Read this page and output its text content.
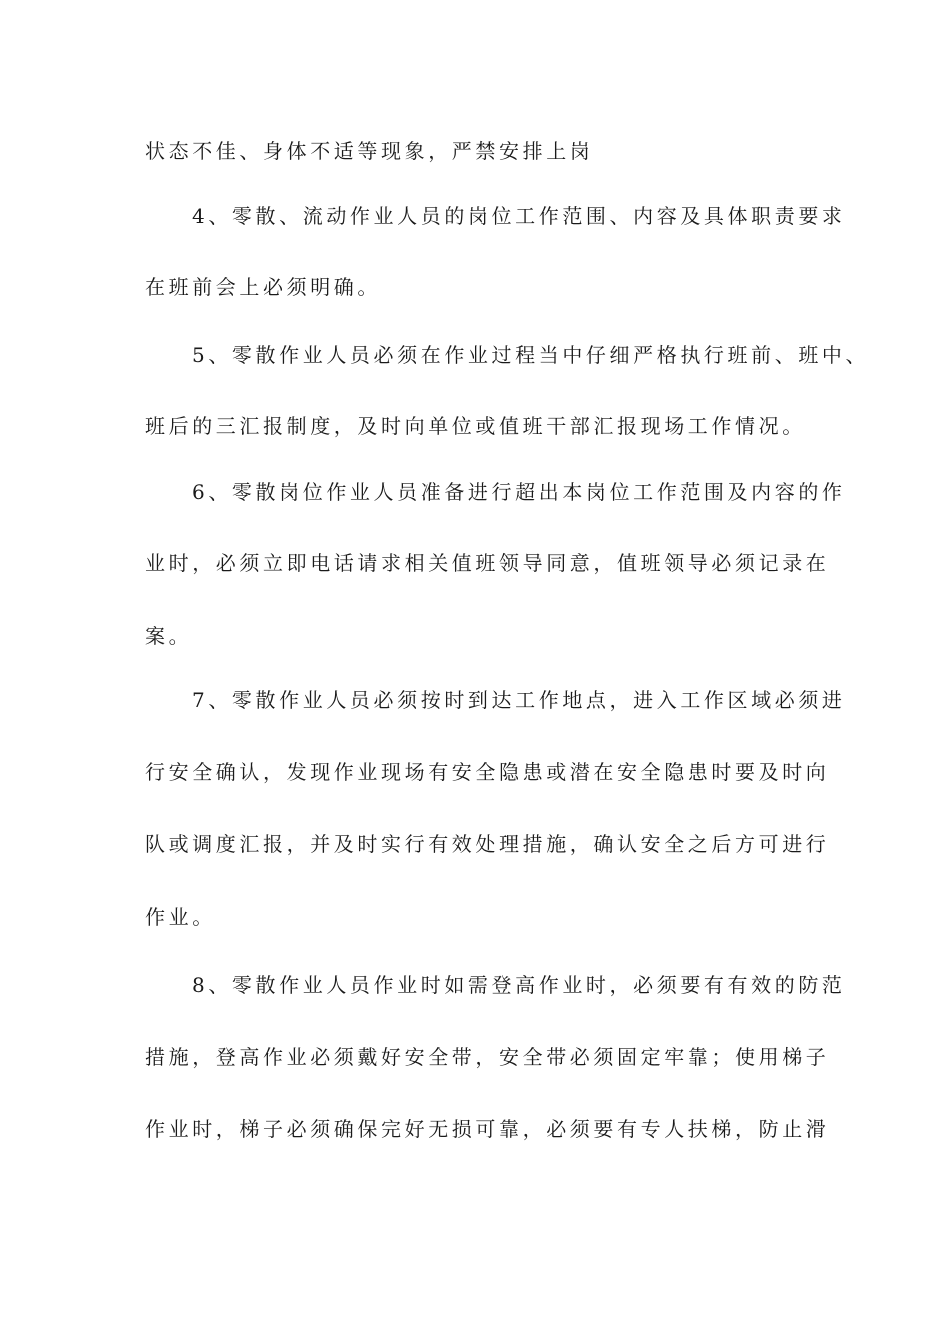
状态不佳、身体不适等现象，严禁安排上岗
4、零散、流动作业人员的岗位工作范围、内容及具体职责要求
在班前会上必须明确。
5、零散作业人员必须在作业过程当中仔细严格执行班前、班中、
班后的三汇报制度，及时向单位或值班干部汇报现场工作情况。
6、零散岗位作业人员准备进行超出本岗位工作范围及内容的作
业时，必须立即电话请求相关值班领导同意，值班领导必须记录在
案。
7、零散作业人员必须按时到达工作地点，进入工作区域必须进
行安全确认，发现作业现场有安全隐患或潜在安全隐患时要及时向
队或调度汇报，并及时实行有效处理措施，确认安全之后方可进行
作业。
8、零散作业人员作业时如需登高作业时，必须要有有效的防范
措施，登高作业必须戴好安全带，安全带必须固定牢靠；使用梯子
作业时，梯子必须确保完好无损可靠，必须要有专人扶梯，防止滑
